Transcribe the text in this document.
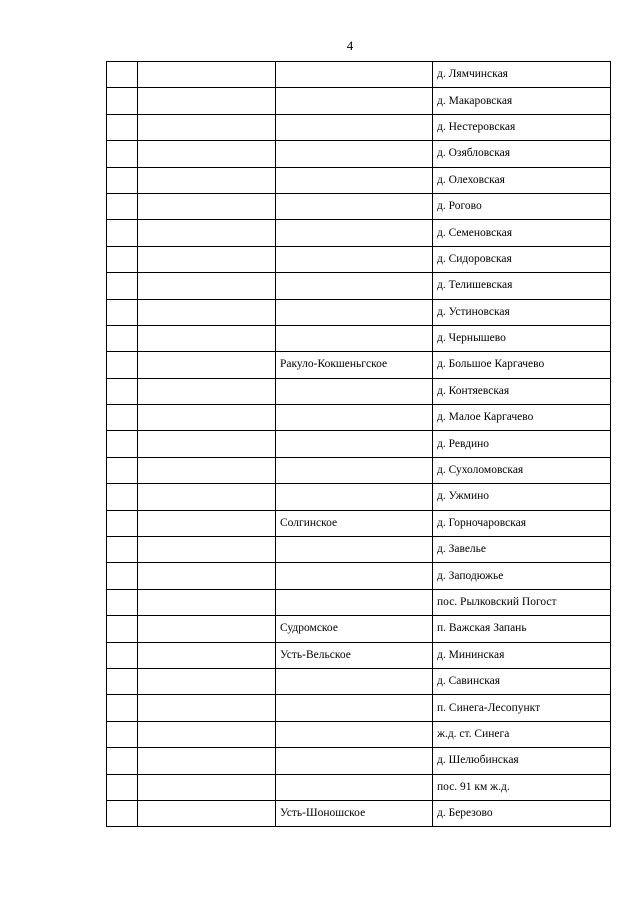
4
			д. Лямчинская
			д. Макаровская
			д. Нестеровская
			д. Озябловская
			д. Олеховская
			д. Рогово
			д. Семеновская
			д. Сидоровская
			д. Телишевская
			д. Устиновская
			д. Чернышево
		Ракуло-Кокшеньгское	д. Большое Каргачево
			д. Контяевская
			д. Малое Каргачево
			д. Ревдино
			д. Сухоломовская
			д. Ужмино
		Солгинское	д. Горночаровская
			д. Завелье
			д. Заподюжье
			пос. Рылковский Погост
		Судромское	п. Важская Запань
		Усть-Вельское	д. Мининская
			д. Савинская
			п. Синега-Лесопункт
			ж.д. ст. Синега
			д. Шелюбинская
			пос. 91 км ж.д.
		Усть-Шоношское	д. Березово
